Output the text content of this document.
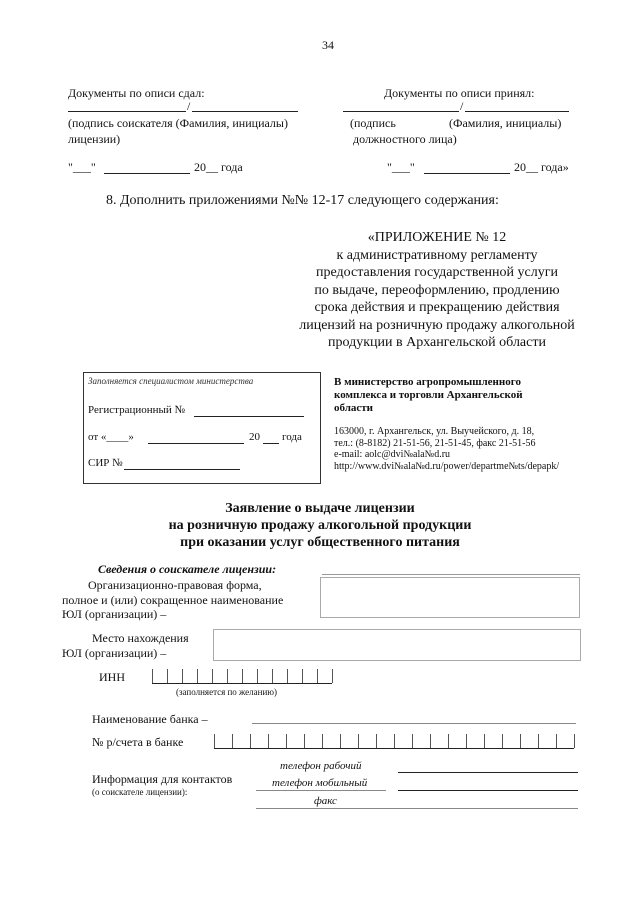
34
Документы по описи сдал:
/
(подпись соискателя (Фамилия, инициалы)
лицензии)
"___"	20__ года
Документы по описи принял:
/
(подпись	(Фамилия, инициалы)
должностного лица)
"___"	20__ года»
8. Дополнить приложениями №№ 12-17 следующего содержания:
«ПРИЛОЖЕНИЕ № 12
к административному регламенту
предоставления государственной услуги
по выдаче, переоформлению, продлению
срока действия и прекращению действия
лицензий на розничную продажу алкогольной
продукции в Архангельской области
Заполняется специалистом министерства
Регистрационный №
от «____»	20 года
СИР №
В министерство агропромышленного
комплекса и торговли Архангельской
области
163000, г. Архангельск, ул. Выучейского, д. 18,
тел.: (8-8182) 21-51-56, 21-51-45, факс 21-51-56
e-mail: aolc@dvi№alа№d.ru
http://www.dvi№alа№d.ru/power/departme№ts/depapk/
Заявление о выдаче лицензии
на розничную продажу алкогольной продукции
при оказании услуг общественного питания
Сведения о соискателе лицензии:
Организационно-правовая форма,
полное и (или) сокращенное наименование
ЮЛ (организации) –
Место нахождения
ЮЛ (организации) –
ИНН
(заполняется по желанию)
Наименование банка –
№ р/счета в банке
Информация для контактов
(о соискателе лицензии):
телефон рабочий
телефон мобильный
факс
